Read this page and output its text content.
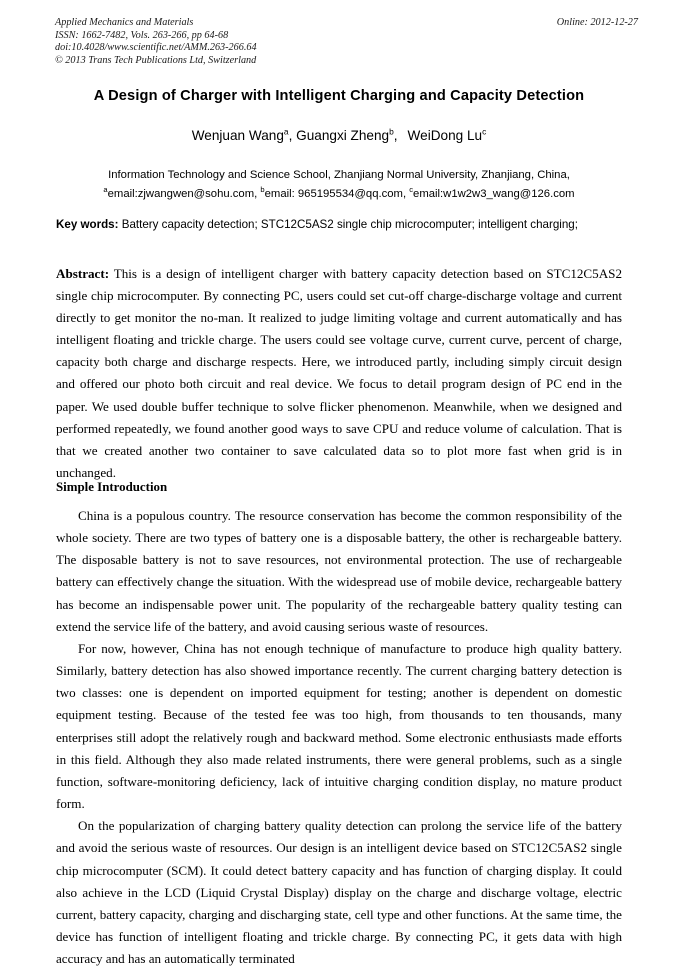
Online: 2012-12-27
Applied Mechanics and Materials
ISSN: 1662-7482, Vols. 263-266, pp 64-68
doi:10.4028/www.scientific.net/AMM.263-266.64
© 2013 Trans Tech Publications Ltd, Switzerland
A Design of Charger with Intelligent Charging and Capacity Detection
Wenjuan Wang$^a$, Guangxi Zheng$^b$, WeiDong Lu$^c$
Information Technology and Science School, Zhanjiang Normal University, Zhanjiang, China,
$^a$email:zjwangwen@sohu.com, $^b$email: 965195534@qq.com, $^c$email:w1w2w3_wang@126.com
Key words: Battery capacity detection; STC12C5AS2 single chip microcomputer; intelligent charging;
Abstract: This is a design of intelligent charger with battery capacity detection based on STC12C5AS2 single chip microcomputer. By connecting PC, users could set cut-off charge-discharge voltage and current directly to get monitor the no-man. It realized to judge limiting voltage and current automatically and has intelligent floating and trickle charge. The users could see voltage curve, current curve, percent of charge, capacity both charge and discharge respects. Here, we introduced partly, including simply circuit design and offered our photo both circuit and real device. We focus to detail program design of PC end in the paper. We used double buffer technique to solve flicker phenomenon. Meanwhile, when we designed and performed repeatedly, we found another good ways to save CPU and reduce volume of calculation. That is that we created another two container to save calculated data so to plot more fast when grid is in unchanged.
Simple Introduction

China is a populous country. The resource conservation has become the common responsibility of the whole society. There are two types of battery one is a disposable battery, the other is rechargeable battery. The disposable battery is not to save resources, not environmental protection. The use of rechargeable battery can effectively change the situation. With the widespread use of mobile device, rechargeable battery has become an indispensable power unit. The popularity of the rechargeable battery quality testing can extend the service life of the battery, and avoid causing serious waste of resources.

For now, however, China has not enough technique of manufacture to produce high quality battery. Similarly, battery detection has also showed importance recently. The current charging battery detection is two classes: one is dependent on imported equipment for testing; another is dependent on domestic equipment testing. Because of the tested fee was too high, from thousands to ten thousands, many enterprises still adopt the relatively rough and backward method. Some electronic enthusiasts made efforts in this field. Although they also made related instruments, there were general problems, such as a single function, software-monitoring deficiency, lack of intuitive charging condition display, no mature product form.

On the popularization of charging battery quality detection can prolong the service life of the battery and avoid the serious waste of resources. Our design is an intelligent device based on STC12C5AS2 single chip microcomputer (SCM). It could detect battery capacity and has function of charging display. It could also achieve in the LCD (Liquid Crystal Display) display on the charge and discharge voltage, electric current, battery capacity, charging and discharging state, cell type and other functions. At the same time, the device has function of intelligent floating and trickle charge. By connecting PC, it gets data with high accuracy and has an automatically terminated
